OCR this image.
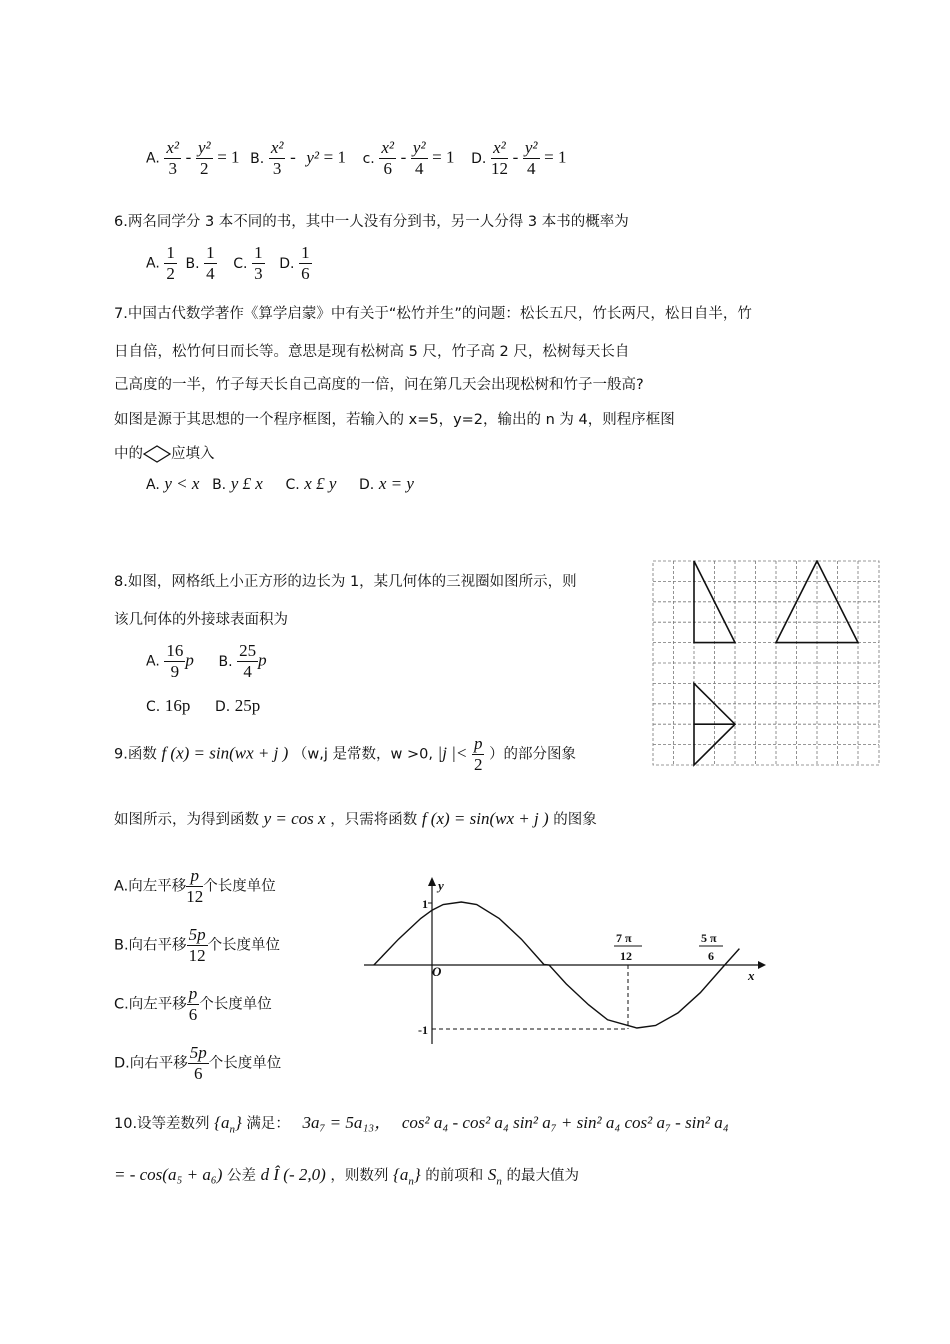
A. $\frac{\text{x²}}{3} - \frac{\text{y²}}{2} = 1$ B. $\frac{\text{x²}}{3} - y^2 = 1$ c. $\frac{\text{x²}}{6} - \frac{\text{y²}}{4} = 1$ D. $\frac{\text{x²}}{12} - \frac{\text{y²}}{4} = 1$
6.两名同学分 3 本不同的书，其中一人没有分到书，另一人分得 3 本书的概率为
A. $\frac{1}{2} B$. $\frac{1}{4} C$. $\frac{1}{3} D$. $\frac{1}{6}$
7.中国古代数学著作《算学启蒙》中有关于“松竹并生”的问题：松长五尺，竹长两尺，松日自半，竹
日自倍，松竹何日而长等。意思是现有松树高 5 尺，竹子高 2 尺，松树每天长自
己高度的一半，竹子每天长自己高度的一倍，问在第几天会出现松树和竹子一般高?
如图是源于其思想的一个程序框图，若输入的 x=5，y=2，输出的 n 为 4，则程序框图
中的 应填入
A. y < x B. y £ x C. x £ y D. x = y
8.如图，网格纸上小正方形的边长为 1，某几何体的三视圈如图所示，则
该几何体的外接球表面积为
A. $\frac{16}{9}$ p B. $\frac{25}{4}$ p
C. 16p D. 25p
9.函数 f (x) = sin(wx + j ) （w,j 是常数，w >0, |j |< $\frac{p}{2}$ ）的部分图象
如图所示，为得到函数 y = cos x ，只需将函数 f (x) = sin(wx + j ) 的图象
A.向左平移 $\frac{p}{12}$ 个长度单位
B.向右平移 $\frac{5p}{12}$ 个长度单位
C.向左平移 $\frac{p}{6}$ 个长度单位
D.向右平移 $\frac{5p}{6}$ 个长度单位
y
x
O
1
-1
7 π
12
5 π
6
10.设等差数列 $\{a_n\}$ 满足： 3a₇ = 5a₁₃， cos² a₄ - cos² a₄ sin² a₇ + sin² a₄ cos² a₇ - sin² a₄
= - cos(a₅ + a₆) 公差 d Î (- 2,0) ，则数列 $\{a_n\}$ 的前项和 $S_n$ 的最大值为
